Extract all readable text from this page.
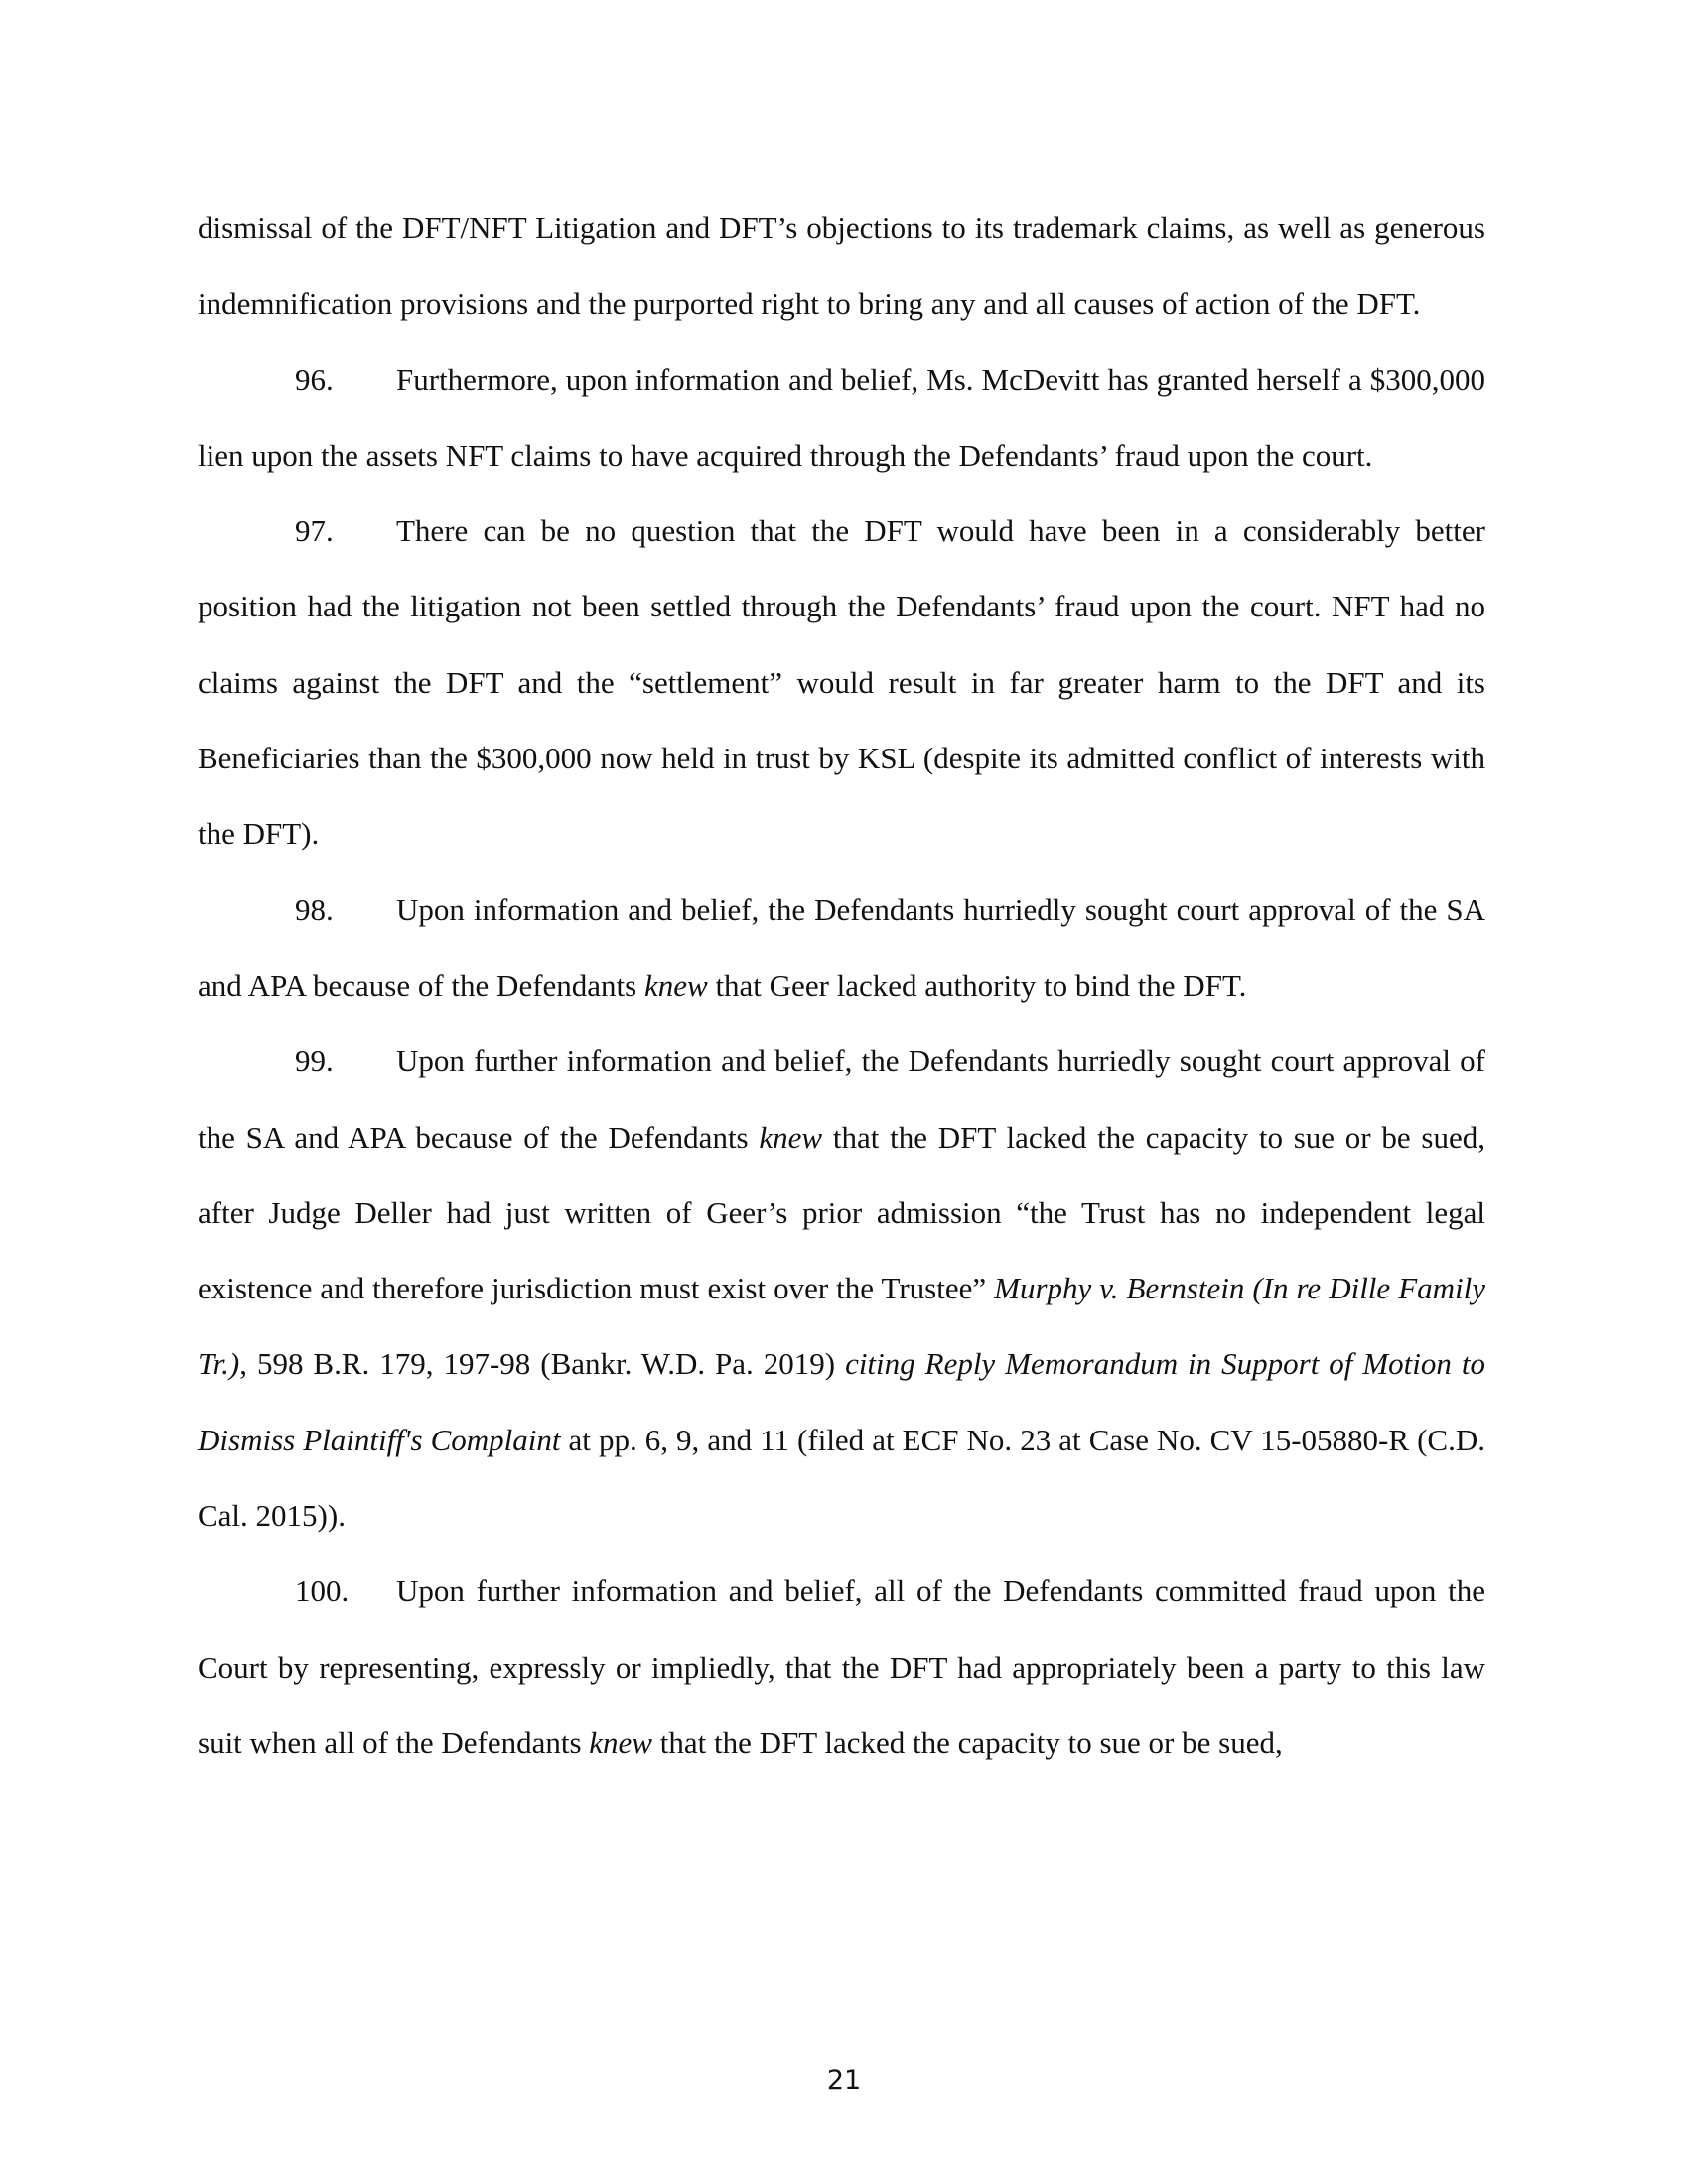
dismissal of the DFT/NFT Litigation and DFT’s objections to its trademark claims, as well as generous indemnification provisions and the purported right to bring any and all causes of action of the DFT.

96. Furthermore, upon information and belief, Ms. McDevitt has granted herself a $300,000 lien upon the assets NFT claims to have acquired through the Defendants’ fraud upon the court.

97. There can be no question that the DFT would have been in a considerably better position had the litigation not been settled through the Defendants’ fraud upon the court. NFT had no claims against the DFT and the “settlement” would result in far greater harm to the DFT and its Beneficiaries than the $300,000 now held in trust by KSL (despite its admitted conflict of interests with the DFT).

98. Upon information and belief, the Defendants hurriedly sought court approval of the SA and APA because of the Defendants knew that Geer lacked authority to bind the DFT.

99. Upon further information and belief, the Defendants hurriedly sought court approval of the SA and APA because of the Defendants knew that the DFT lacked the capacity to sue or be sued, after Judge Deller had just written of Geer’s prior admission “the Trust has no independent legal existence and therefore jurisdiction must exist over the Trustee” Murphy v. Bernstein (In re Dille Family Tr.), 598 B.R. 179, 197-98 (Bankr. W.D. Pa. 2019) citing Reply Memorandum in Support of Motion to Dismiss Plaintiff's Complaint at pp. 6, 9, and 11 (filed at ECF No. 23 at Case No. CV 15-05880-R (C.D. Cal. 2015)).

100. Upon further information and belief, all of the Defendants committed fraud upon the Court by representing, expressly or impliedly, that the DFT had appropriately been a party to this law suit when all of the Defendants knew that the DFT lacked the capacity to sue or be sued,

21
